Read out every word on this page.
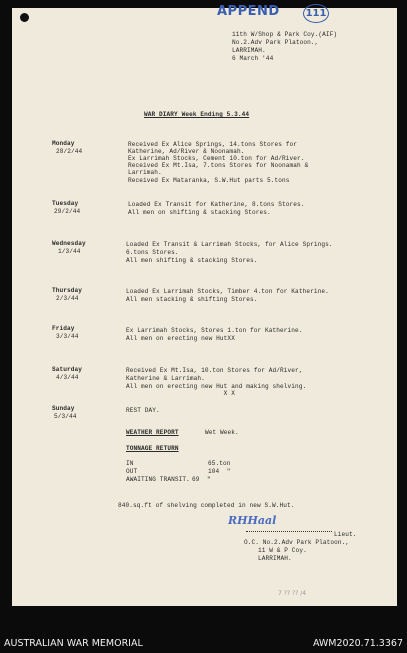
APPEND	111
11th W/Shop & Park Coy.(AIF)
No.2.Adv Park Platoon.,
LARRIMAH.
6 March '44
WAR DIARY Week Ending 5.3.44
Monday
28/2/44
Received Ex Alice Springs, 14.tons Stores for
Katherine, Ad/River & Noonamah.
Ex Larrimah Stocks, Cement 10.ton for Ad/River.
Received Ex Mt.Isa, 7.tons Stores for Noonamah &
Larrimah.
Received Ex Mataranka, S.W.Hut parts 5.tons
Tuesday
29/2/44
Loaded Ex Transit for Katherine, 8.tons Stores.
All men on shifting & stacking Stores.
Wednesday
1/3/44
Loaded Ex Transit & Larrimah Stocks, for Alice Springs.
6.tons Stores.
All men shifting & stacking Stores.
Thursday
2/3/44
Loaded Ex Larrimah Stocks, Timber 4.ton for Katherine.
All men stacking & shifting Stores.
Friday
3/3/44
Ex Larrimah Stocks, Stores 1.ton for Katherine.
All men on erecting new HutXX
Saturday
4/3/44
Received Ex Mt.Isa, 10.ton Stores for Ad/River,
Katherine & Larrimah.
All men on erecting new Hut and making shelving.
X X
Sunday
5/3/44
REST DAY.
WEATHER REPORT	Wet Week.
TONNAGE RETURN
IN	65.ton
OUT	104  "
AWAITING TRANSIT. 69  "
840.sq.ft of shelving completed in new S.W.Hut.
RHHaal
Lieut.
O.C. No.2.Adv Park Platoon.,
11 W & P Coy.
LARRIMAH.
7 ?? ?? /4
AUSTRALIAN WAR MEMORIAL	AWM2020.71.3367
